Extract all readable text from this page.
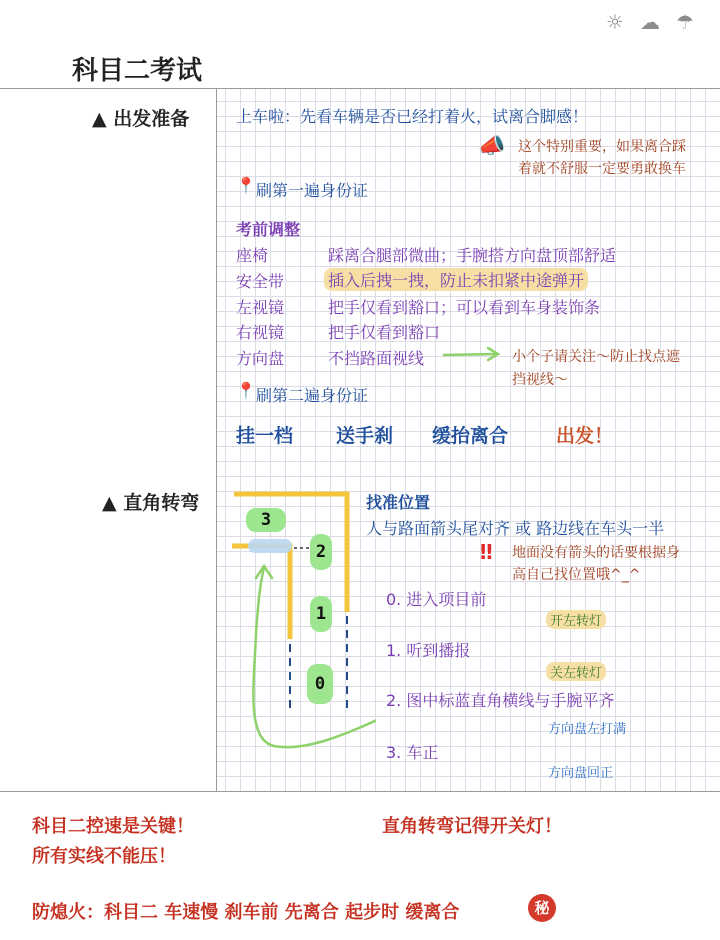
☼ ☁ ☂
科目二考试
▲ 出发准备	上车啦：先看车辆是否已经打着火，试离合脚感！
📣 这个特别重要，如果离合踩
着就不舒服一定要勇敢换车
📍 刷第一遍身份证
考前调整
座椅	踩离合腿部微曲；手腕搭方向盘顶部舒适
安全带	插入后拽一拽，防止未扣紧中途弹开
左视镜	把手仅看到豁口；可以看到车身装饰条
右视镜	把手仅看到豁口
方向盘	不挡路面视线	小个子请关注～防止找点遮
挡视线～
📍 刷第二遍身份证
挂一档 送手刹 缓抬离合	出发！
▲ 直角转弯
3
2
1
0
找准位置
人与路面箭头尾对齐 或 路边线在车头一半
‼ 地面没有箭头的话要根据身
高自己找位置哦^_^
0. 进入项目前
开左转灯
1. 听到播报
关左转灯
2. 图中标蓝直角横线与手腕平齐
方向盘左打满
3. 车正
方向盘回正
科目二控速是关键！
所有实线不能压！
直角转弯记得开关灯！
防熄火：科目二 车速慢 刹车前 先离合 起步时 缓离合	秘
